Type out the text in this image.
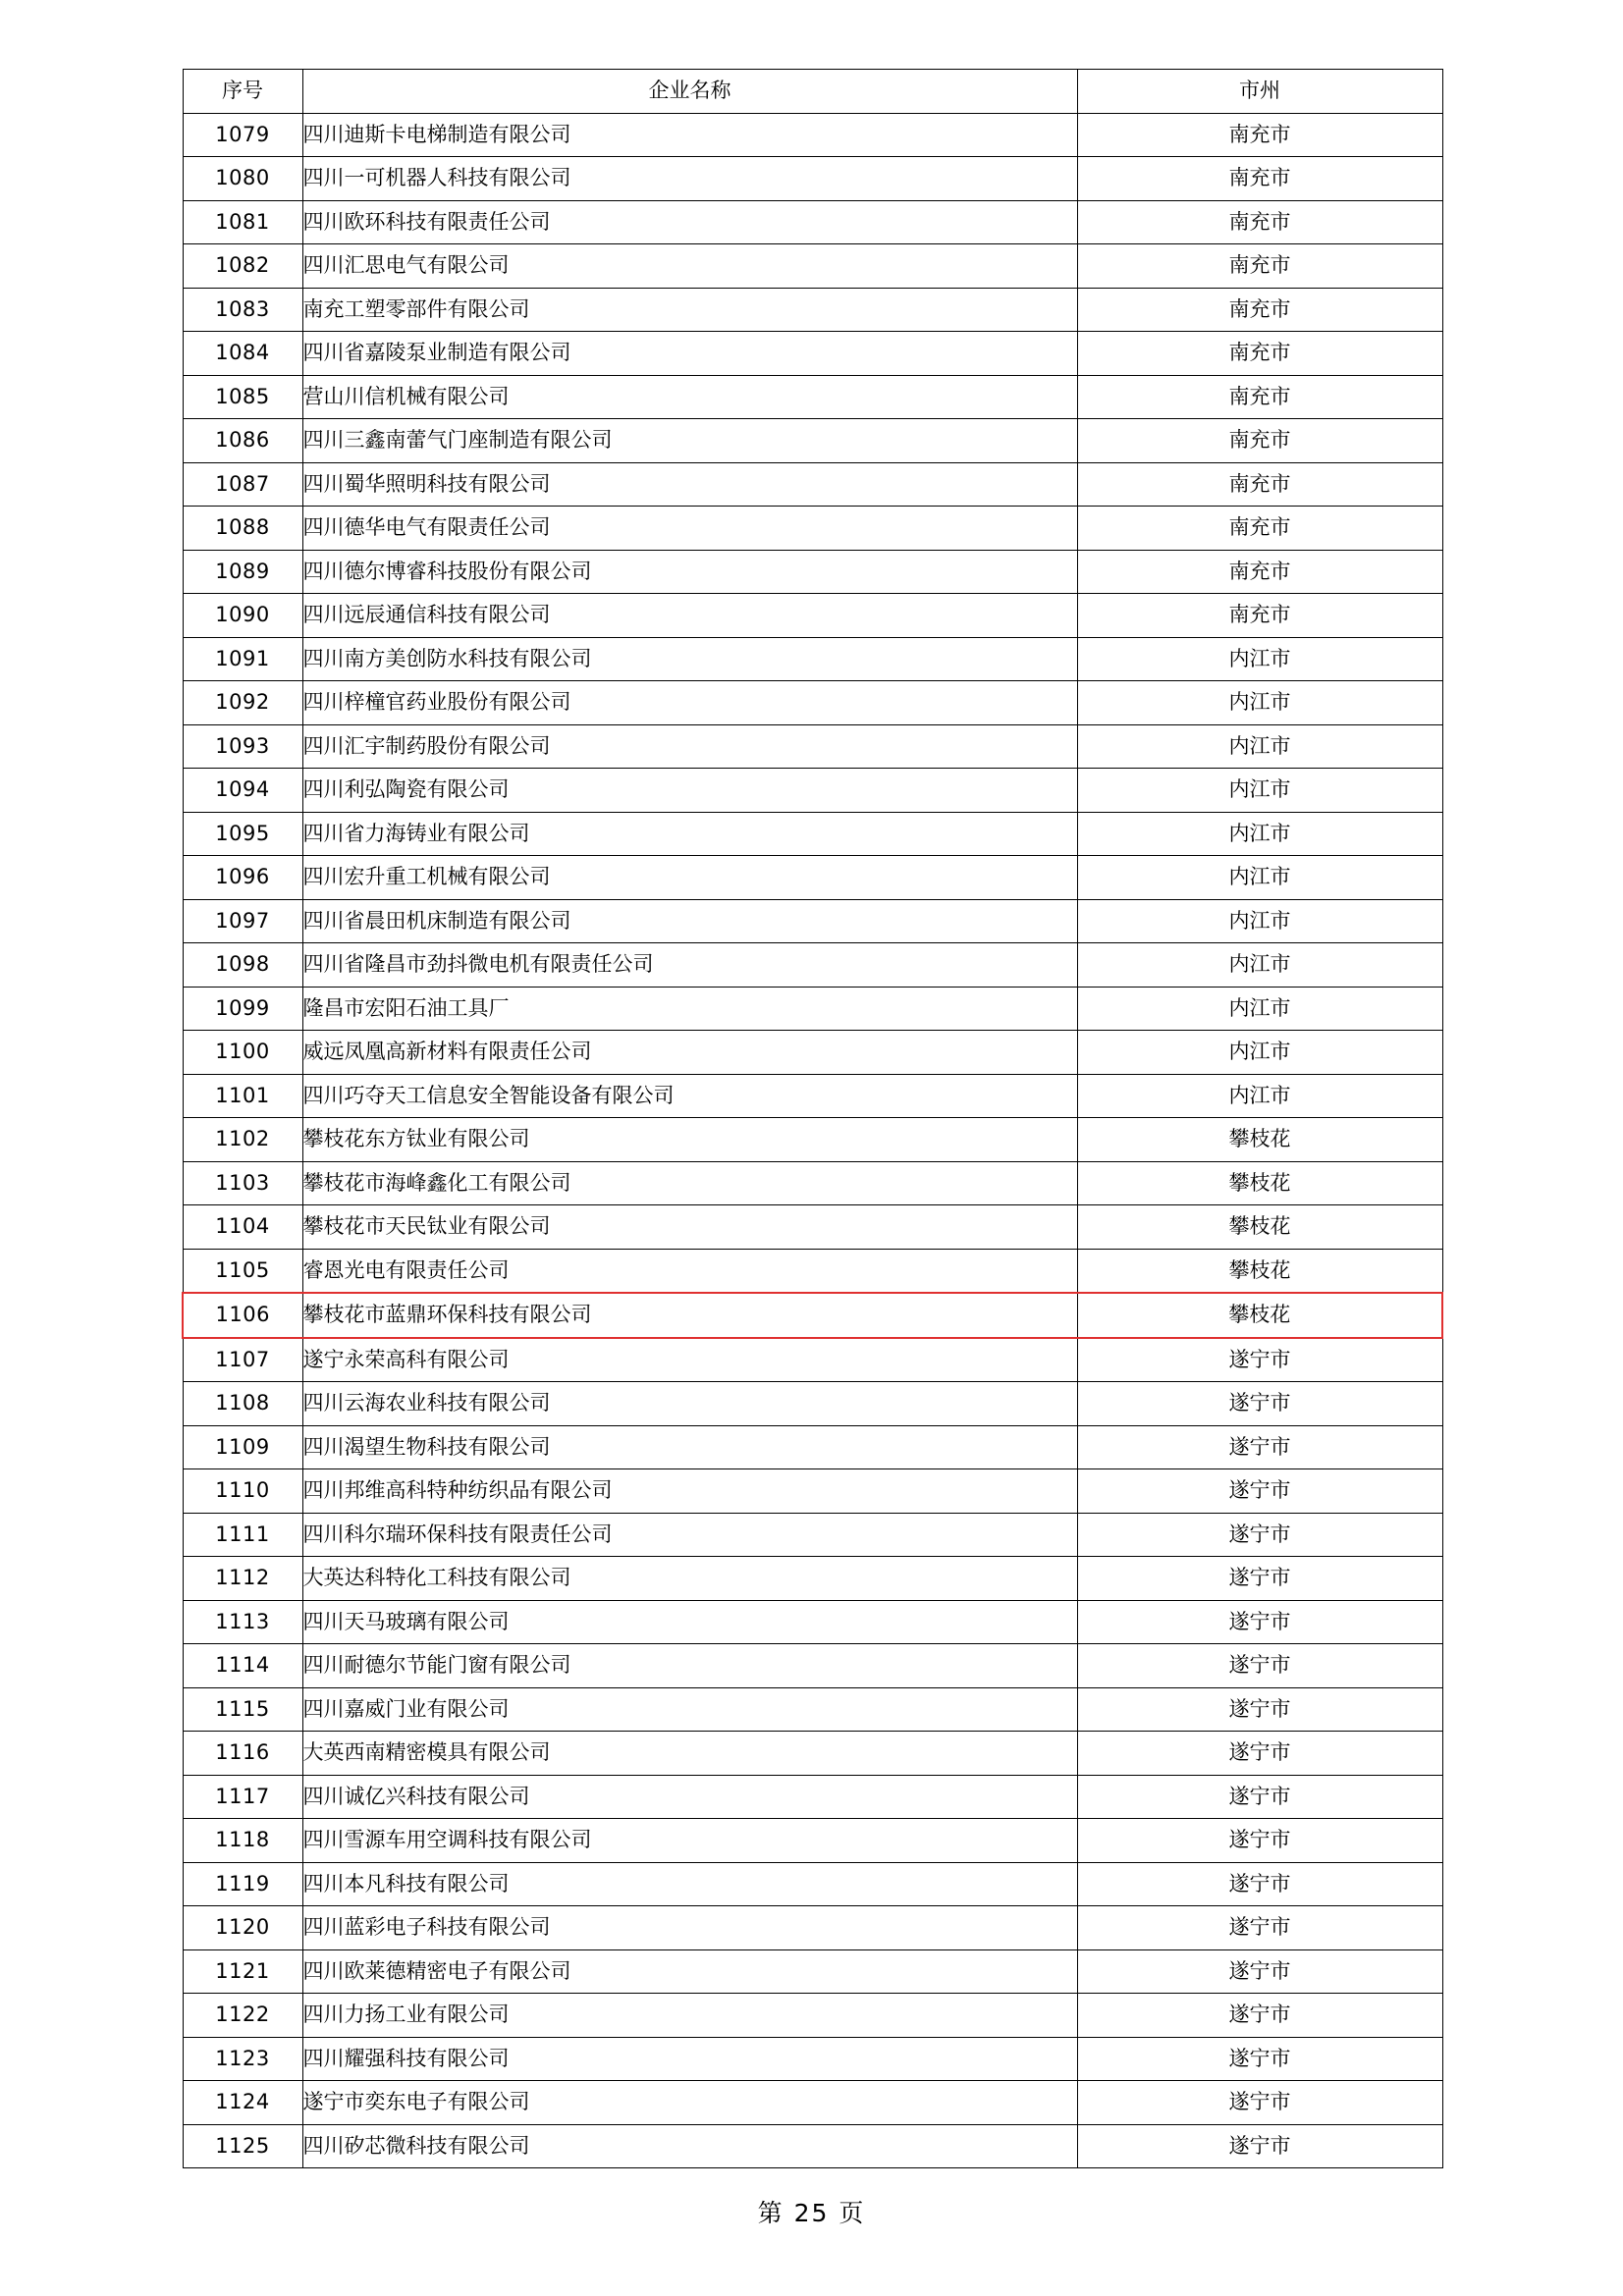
序号	企业名称	市州
1079	四川迪斯卡电梯制造有限公司	南充市
1080	四川一可机器人科技有限公司	南充市
1081	四川欧环科技有限责任公司	南充市
1082	四川汇思电气有限公司	南充市
1083	南充工塑零部件有限公司	南充市
1084	四川省嘉陵泵业制造有限公司	南充市
1085	营山川信机械有限公司	南充市
1086	四川三鑫南蕾气门座制造有限公司	南充市
1087	四川蜀华照明科技有限公司	南充市
1088	四川德华电气有限责任公司	南充市
1089	四川德尔博睿科技股份有限公司	南充市
1090	四川远辰通信科技有限公司	南充市
1091	四川南方美创防水科技有限公司	内江市
1092	四川梓橦官药业股份有限公司	内江市
1093	四川汇宇制药股份有限公司	内江市
1094	四川利弘陶瓷有限公司	内江市
1095	四川省力海铸业有限公司	内江市
1096	四川宏升重工机械有限公司	内江市
1097	四川省晨田机床制造有限公司	内江市
1098	四川省隆昌市劲抖微电机有限责任公司	内江市
1099	隆昌市宏阳石油工具厂	内江市
1100	威远凤凰高新材料有限责任公司	内江市
1101	四川巧夺天工信息安全智能设备有限公司	内江市
1102	攀枝花东方钛业有限公司	攀枝花
1103	攀枝花市海峰鑫化工有限公司	攀枝花
1104	攀枝花市天民钛业有限公司	攀枝花
1105	睿恩光电有限责任公司	攀枝花
1106	攀枝花市蓝鼎环保科技有限公司	攀枝花
1107	遂宁永荣高科有限公司	遂宁市
1108	四川云海农业科技有限公司	遂宁市
1109	四川渴望生物科技有限公司	遂宁市
1110	四川邦维高科特种纺织品有限公司	遂宁市
1111	四川科尔瑞环保科技有限责任公司	遂宁市
1112	大英达科特化工科技有限公司	遂宁市
1113	四川天马玻璃有限公司	遂宁市
1114	四川耐德尔节能门窗有限公司	遂宁市
1115	四川嘉威门业有限公司	遂宁市
1116	大英西南精密模具有限公司	遂宁市
1117	四川诚亿兴科技有限公司	遂宁市
1118	四川雪源车用空调科技有限公司	遂宁市
1119	四川本凡科技有限公司	遂宁市
1120	四川蓝彩电子科技有限公司	遂宁市
1121	四川欧莱德精密电子有限公司	遂宁市
1122	四川力扬工业有限公司	遂宁市
1123	四川耀强科技有限公司	遂宁市
1124	遂宁市奕东电子有限公司	遂宁市
1125	四川矽芯微科技有限公司	遂宁市
第 25 页
